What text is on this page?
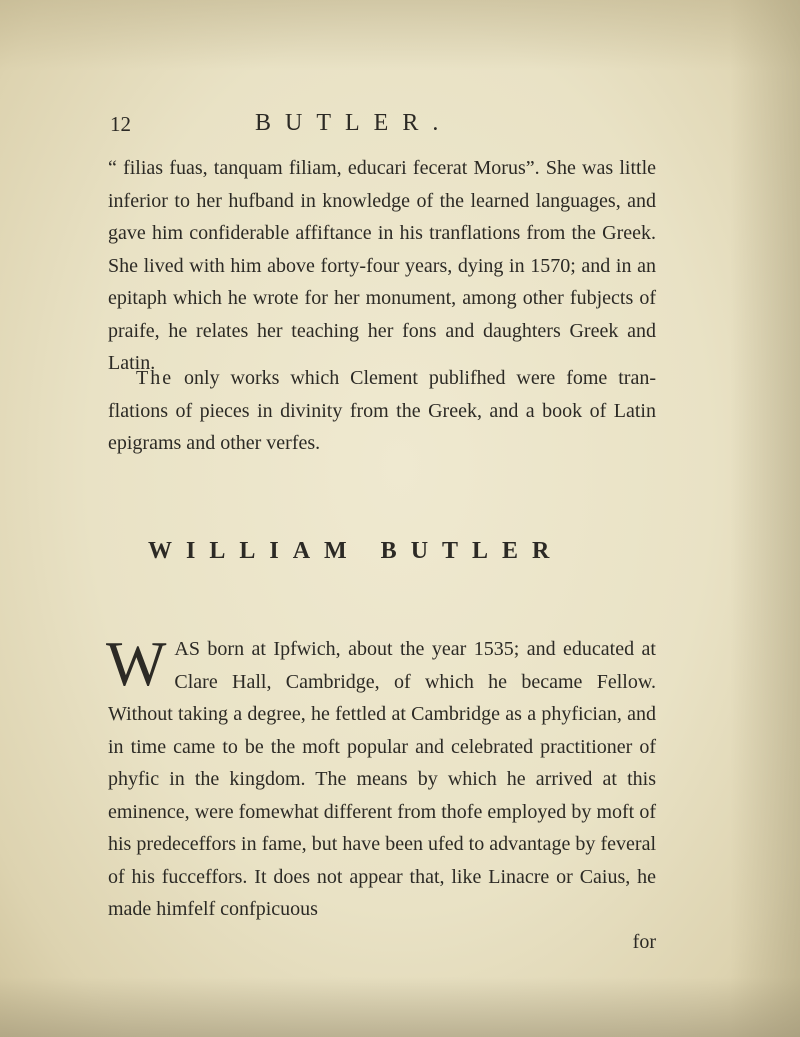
12	BUTLER.
“ filias fuas, tanquam filiam, educari fecerat Morus”. She was little inferior to her hufband in knowledge of the learned languages, and gave him confiderable affiftance in his tranflations from the Greek. She lived with him above forty-four years, dying in 1570; and in an epitaph which he wrote for her monument, among other fubjects of praife, he relates her teaching her fons and daughters Greek and Latin.
The only works which Clement publifhed were fome tranflations of pieces in divinity from the Greek, and a book of Latin epigrams and other verfes.
WILLIAM BUTLER
WAS born at Ipfwich, about the year 1535; and educated at Clare Hall, Cambridge, of which he became Fellow. Without taking a degree, he fettled at Cambridge as a phyfician, and in time came to be the moft popular and celebrated practitioner of phyfic in the kingdom. The means by which he arrived at this eminence, were fomewhat different from thofe employed by moft of his predeceffors in fame, but have been ufed to advantage by feveral of his fucceffors. It does not appear that, like Linacre or Caius, he made himfelf confpicuous
for
